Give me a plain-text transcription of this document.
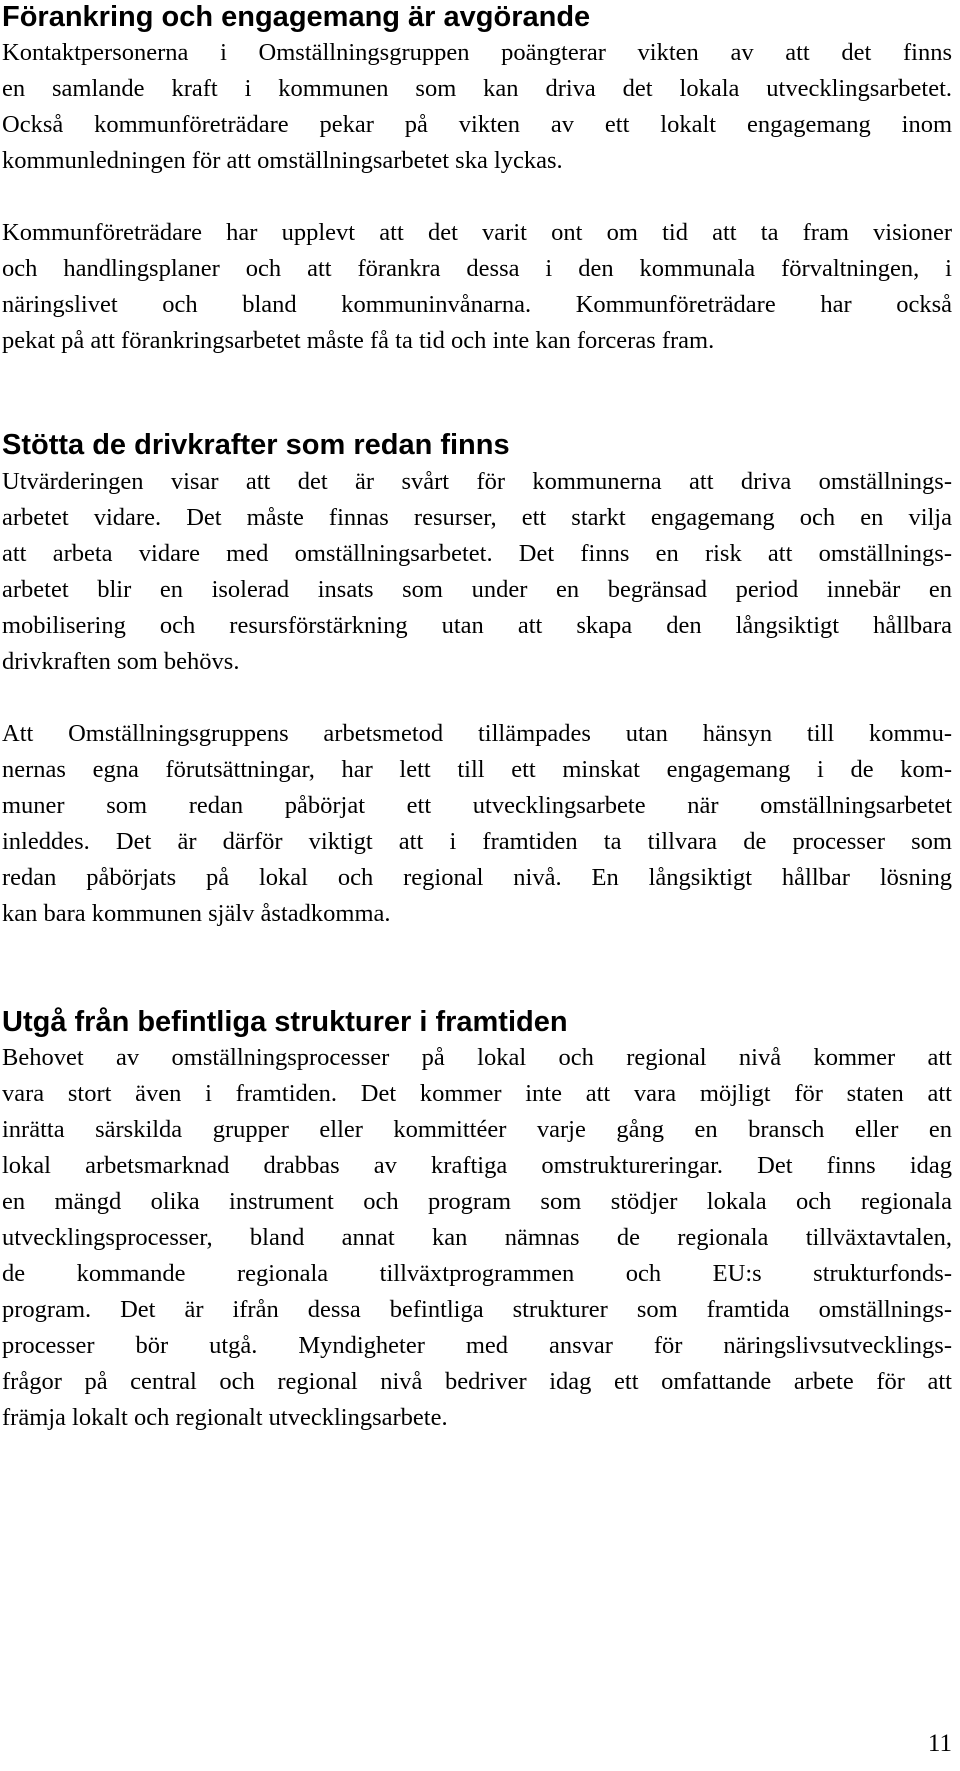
Förankring och engagemang är avgörande
Kontaktpersonerna i Omställningsgruppen poängterar vikten av att det finns
en samlande kraft i kommunen som kan driva det lokala utvecklingsarbetet.
Också kommunföreträdare pekar på vikten av ett lokalt engagemang inom
kommunledningen för att omställningsarbetet ska lyckas.
Kommunföreträdare har upplevt att det varit ont om tid att ta fram visioner
och handlingsplaner och att förankra dessa i den kommunala förvaltningen, i
näringslivet och bland kommuninvånarna. Kommunföreträdare har också
pekat på att förankringsarbetet måste få ta tid och inte kan forceras fram.
Stötta de drivkrafter som redan finns
Utvärderingen visar att det är svårt för kommunerna att driva omställnings-
arbetet vidare. Det måste finnas resurser, ett starkt engagemang och en vilja
att arbeta vidare med omställningsarbetet. Det finns en risk att omställnings-
arbetet blir en isolerad insats som under en begränsad period innebär en
mobilisering och resursförstärkning utan att skapa den långsiktigt hållbara
drivkraften som behövs.
Att Omställningsgruppens arbetsmetod tillämpades utan hänsyn till kommu-
nernas egna förutsättningar, har lett till ett minskat engagemang i de kom-
muner som redan påbörjat ett utvecklingsarbete när omställningsarbetet
inleddes. Det är därför viktigt att i framtiden ta tillvara de processer som
redan påbörjats på lokal och regional nivå. En långsiktigt hållbar lösning
kan bara kommunen själv åstadkomma.
Utgå från befintliga strukturer i framtiden
Behovet av omställningsprocesser på lokal och regional nivå kommer att
vara stort även i framtiden. Det kommer inte att vara möjligt för staten att
inrätta särskilda grupper eller kommittéer varje gång en bransch eller en
lokal arbetsmarknad drabbas av kraftiga omstruktureringar. Det finns idag
en mängd olika instrument och program som stödjer lokala och regionala
utvecklingsprocesser, bland annat kan nämnas de regionala tillväxtavtalen,
de kommande regionala tillväxtprogrammen och EU:s strukturfonds-
program. Det är ifrån dessa befintliga strukturer som framtida omställnings-
processer bör utgå. Myndigheter med ansvar för näringslivsutvecklings-
frågor på central och regional nivå bedriver idag ett omfattande arbete för att
främja lokalt och regionalt utvecklingsarbete.
11
